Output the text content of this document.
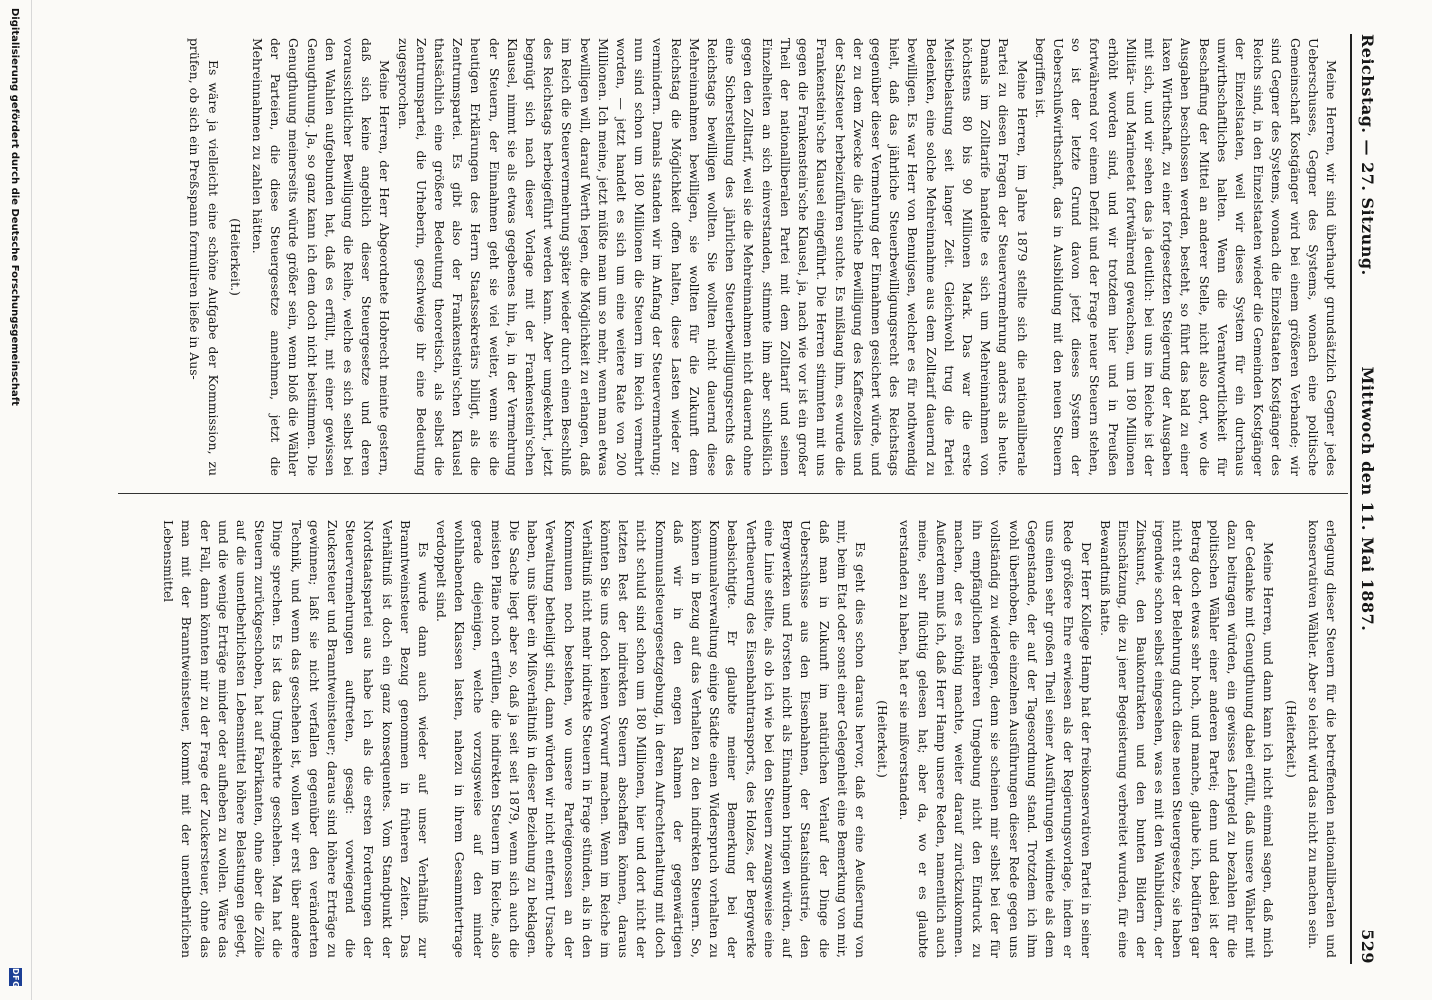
Reichstag. — 27. Sitzung.
Mittwoch den 11. Mai 1887.
529

Meine Herren, wir sind überhaupt grundsätzlich Gegner jedes Ueberschusses, Gegner des Systems, wonach eine politische Gemeinschaft Kostgänger wird bei einem größeren Verbande; wir sind Gegner des Systems, wonach die Einzelstaaten Kostgänger des Reichs sind, in den Einzelstaaten wieder die Gemeinden Kostgänger der Einzelstaaten, weil wir dieses System für ein durchaus unwirthschaftliches halten. Wenn die Verantwortlichkeit für Beschaffung der Mittel an anderer Stelle, nicht also dort, wo die Ausgaben beschlossen werden, besteht, so führt das bald zu einer laxen Wirthschaft, zu einer fortgesetzten Steigerung der Ausgaben mit sich, und wir sehen das ja deutlich: bei uns im Reiche ist der Militär- und Marineetat fortwährend gewachsen, um 180 Millionen erhöht worden sind, und wir trotzdem hier und in Preußen fortwährend vor einem Defizit und der Frage neuer Steuern stehen, so ist der letzte Grund davon jetzt dieses System der Ueberschußwirthschaft, das in Ausbildung mit den neuen Steuern begriffen ist.

Meine Herren, im Jahre 1879 stellte sich die nationalliberale Partei zu diesen Fragen der Steuervermehrung anders als heute. Damals im Zolltarife handelte es sich um Mehreinnahmen von höchstens 80 bis 90 Millionen Mark. Das war die erste Meistbelastung seit langer Zeit. Gleichwohl trug die Partei Bedenken, eine solche Mehreinnahme aus dem Zolltarif dauernd zu bewilligen. Es war Herr von Bennigsen, welcher es für nothwendig hielt, daß das jährliche Steuerbewilligungsrecht des Reichstags gegenüber dieser Vermehrung der Einnahmen gesichert würde, und der zu dem Zwecke die jährliche Bewilligung des Kaffeezolles und der Salzsteuer herbeizuführen suchte. Es mißlang ihm, es wurde die Frankenstein'sche Klausel eingeführt. Die Herren stimmten mit uns gegen die Frankenstein'sche Klausel, ja, nach wie vor ist ein großer Theil der nationalliberalen Partei mit dem Zolltarif und seinen Einzelheiten an sich einverstanden, stimmte ihm aber schließlich gegen den Zolltarif, weil sie die Mehreinnahmen nicht dauernd ohne eine Sicherstellung des jährlichen Steuerbewilligungsrechts des Reichstags bewilligen wollten. Sie wollten nicht dauernd diese Mehreinnahmen bewilligen, sie wollten für die Zukunft dem Reichstag die Möglichkeit offen halten, diese Lasten wieder zu vermindern. Damals standen wir im Anfang der Steuervermehrung; nun sind schon um 180 Millionen die Steuern im Reich vermehrt worden, — jetzt handelt es sich um eine weitere Rate von 200 Millionen. Ich meine, jetzt müßte man um so mehr, wenn man etwas bewilligen will, darauf Werth legen, die Möglichkeit zu erlangen, daß im Reich die Steuervermehrung später wieder durch einen Beschluß des Reichstags herbeigeführt werden kann. Aber umgekehrt, jetzt begnügt sich nach dieser Vorlage mit der Frankenstein'schen Klausel, nimmt sie als etwas gegebenes hin, ja, in der Vermehrung der Steuern, der Einnahmen geht sie viel weiter, wenn sie die heutigen Erklärungen des Herrn Staatssekretärs billigt, als die Zentrumspartei. Es gibt also der Frankenstein'schen Klausel thatsächlich eine größere Bedeutung theoretisch, als selbst die Zentrumspartei, die Urheberin, geschweige ihr eine Bedeutung zugesprochen.

Meine Herren, der Herr Abgeordnete Hobrecht meinte gestern, daß sich keine angeblich dieser Steuergesetze und deren voraussichtlicher Bewilligung die Reihe, welche es sich selbst bei den Wahlen aufgebunden hat, daß es erfüllt, mit einer gewissen Genugthuung. Ja, so ganz kann ich dem doch nicht beistimmen. Die Genugthuung meinerseits würde größer sein, wenn bloß die Wähler der Parteien, die diese Steuergesetze annehmen, jetzt die Mehreinnahmen zu zahlen hätten.

(Heiterkeit.)

Es wäre ja vielleicht eine schöne Aufgabe der Kommission, zu prüfen, ob sich ein Preßspann formuliren ließe in Aus-

erlegung dieser Steuern für die betreffenden nationalliberalen und konservativen Wähler. Aber so leicht wird das nicht zu machen sein.

(Heiterkeit.)

Meine Herren, und dann kann ich nicht einmal sagen, daß mich der Gedanke mit Genugthuung dabei erfüllt, daß unsere Wähler mit dazu beitragen würden, ein gewisses Lehrgeld zu bezahlen für die politischen Wähler einer anderen Partei; denn und dabei ist der Betrag doch etwas sehr hoch, und manche, glaube ich, bedürfen gar nicht erst der Belehrung durch diese neuen Steuergesetze, sie haben irgendwie schon selbst eingesehen, was es mit den Wahlbildern, der Zinskunst, den Baukontrakten und den bunten Bildern der Einschätzung, die zu jener Begeisterung verbreitet wurden, für eine Bewandtniß hatte.

Der Herr Kollege Hamp hat der freikonservativen Partei in seiner Rede größere Ehre erwiesen als der Regierungsvorlage, indem er uns einen sehr großen Theil seiner Ausführungen widmete als dem Gegenstande, der auf der Tagesordnung stand. Trotzdem ich ihm wohl überhoben, die einzelnen Ausführungen dieser Rede gegen uns vollständig zu widerlegen, denn sie scheinen mir selbst bei der für ihn empfänglichen näheren Umgebung nicht den Eindruck zu machen, der es nöthig machte, weiter darauf zurückzukommen. Außerdem muß ich, daß Herr Hamp unsere Reden, namentlich auch meine, sehr flüchtig gelesen hat; aber da, wo er es glaubte verstanden zu haben, hat er sie mißverstanden.

(Heiterkeit.)

Es geht dies schon daraus hervor, daß er eine Aeußerung von mir, beim Etat oder sonst einer Gelegenheit eine Bemerkung von mir, daß man in Zukunft im natürlichen Verlauf der Dinge die Ueberschüsse aus den Eisenbahnen, der Staatsindustrie, den Bergwerken und Forsten nicht als Einnahmen bringen würden, auf eine Linie stellte, als ob ich wie bei den Steuern zwangsweise eine Vertheuerung des Eisenbahntransports, des Holzes, der Bergwerke beabsichtigte. Er glaubte meiner Bemerkung bei der Kommunalverwaltung einige Städte einen Widerspruch vorhalten zu können in Bezug auf das Verhalten zu den indirekten Steuern. So, daß wir in den engen Rahmen der gegenwärtigen Kommunalsteuergesetzgebung, in deren Aufrechterhaltung mit doch nicht schuld sind schon um 180 Millionen, hier und dort nicht der letzten Rest der indirekten Steuern abschaffen können, daraus könnten Sie uns doch keinen Vorwurf machen. Wenn im Reiche im Verhältniß nicht mehr indirekte Steuern in Frage stünden, als in den Kommunen noch bestehen, wo unsere Parteigenossen an der Verwaltung betheiligt sind, dann würden wir nicht entfernt Ursache haben, uns über ein Mißverhältniß in dieser Beziehung zu beklagen. Die Sache liegt aber so, daß ja seit seit 1879, wenn sich auch die meisten Pläne noch erfüllen, die indirekten Steuern im Reiche, also gerade diejenigen, welche vorzugsweise auf den minder wohlhabenden Klassen lasten, nahezu in ihrem Gesammtertrage verdoppelt sind.

Es wurde dann auch wieder auf unser Verhältniß zur Branntweinsteuer Bezug genommen in früheren Zeiten. Das Verhältniß ist doch ein ganz konsequentes. Vom Standpunkt der Nordstaatspartei aus habe ich als die ersten Forderungen der Steuervermehrungen auftreten, gesagt: vorwiegend die Zuckersteuer und Branntweinsteuer; daraus sind höhere Erträge zu gewinnen; laßt sie nicht verfallen gegenüber den veränderten Technik, und wenn das geschehen ist, wollen wir erst über andere Dinge sprechen. Es ist das Umgekehrte geschehen. Man hat die Steuern zurückgeschoben, hat auf Fabrikanten, ohne aber die Zölle auf die unentbehrlichsten Lebensmittel höhere Belastungen gelegt, und die wenige Erträge minder oder aufheben zu wollen. Wäre das der Fall, dann könnten mir zu der Frage der Zuckersteuer, ohne das man mit der Branntweinsteuer, kommt mit der unentbehrlichen Lebensmittel

Digitalisierung gefördert durch die Deutsche Forschungsgemeinschaft
DFG
